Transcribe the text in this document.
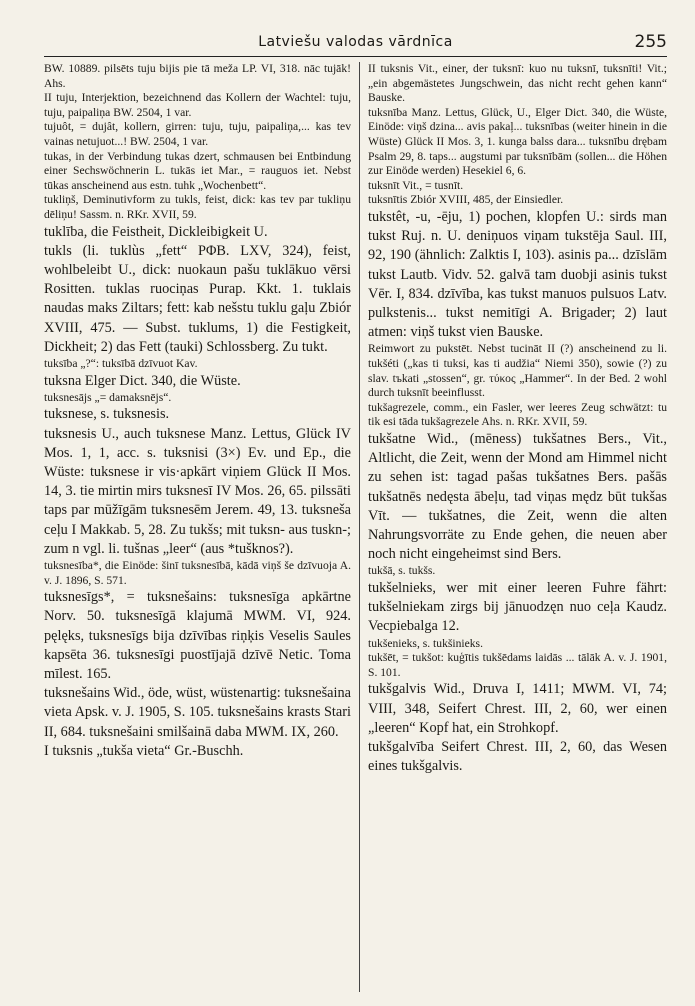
Latviešu valodas vārdnīca	255

BW. 10889. pilsēts tuju bijis pie tā meža LP. VI, 318. nāc tujāk! Ahs.

II tuju, Interjektion, bezeichnend das Kollern der Wachtel: tuju, tuju, paipaliņa BW. 2504, 1 var.

tujuôt, = dujât, kollern, girren: tuju, tuju, paipaliņa,... kas tev vainas netujuot...! BW. 2504, 1 var.

tukas, in der Verbindung tukas dzert, schmausen bei Entbindung einer Sechswöchnerin L. tukās iet Mar., = rauguos iet. Nebst tūkas anscheinend aus estn. tuhk „Wochenbett“.

tukliņš, Deminutivform zu tukls, feist, dick: kas tev par tukliņu dēliņu! Sassm. n. RKr. XVII, 59.

tuklība, die Feistheit, Dickleibigkeit U.

tukls (li. tuklùs „fett“ PΦB. LXV, 324), feist, wohlbeleibt U., dick: nuokaun pašu tuklākuo vērsi Rositten. tuklas ruociņas Purap. Kkt. 1. tuklais naudas maks Ziltars; fett: kab nešstu tuklu gaļu Zbiór XVIII, 475. — Subst. tuklums, 1) die Festigkeit, Dickheit; 2) das Fett (tauki) Schlossberg. Zu tukt.

tuksība „?“: tuksībā dzīvuot Kav.

tuksna Elger Dict. 340, die Wüste.

tuksnesājs „= damaksnējs“.

tuksnese, s. tuksnesis.

tuksnesis U., auch tuksnese Manz. Lettus, Glück IV Mos. 1, 1, acc. s. tuksnisi (3×) Ev. und Ep., die Wüste: tuksnese ir vis·apkārt viņiem Glück II Mos. 14, 3. tie mirtin mirs tuksnesī IV Mos. 26, 65. pilssāti taps par mūžīgām tuksnesēm Jerem. 49, 13. tuksneša ceļu I Makkab. 5, 28. Zu tukšs; mit tuksn- aus tuskn-; zum n vgl. li. tušnas „leer“ (aus *tušknos?).

tuksnesība*, die Einöde: šinī tuksnesībā, kādā viņš še dzīvuoja A. v. J. 1896, S. 571.

tuksnesīgs*, = tuksnešains: tuksnesīga apkārtne Norv. 50. tuksnesīgā klajumā MWM. VI, 924. pęlęks, tuksnesīgs bija dzīvības riņķis Veselis Saules kapsēta 36. tuksnesīgi puostījajā dzīvē Netic. Toma mīlest. 165.

tuksnešains Wid., öde, wüst, wüstenartig: tuksnešaina vieta Apsk. v. J. 1905, S. 105. tuksnešains krasts Stari II, 684. tuksnešaini smilšainā daba MWM. IX, 260.

I tuksnis „tukša vieta“ Gr.-Buschh.

II tuksnis Vit., einer, der tuksnī: kuo nu tuksnī, tuksnīti! Vit.; „ein abgemästetes Jungschwein, das nicht recht gehen kann“ Bauske.

tuksnība Manz. Lettus, Glück, U., Elger Dict. 340, die Wüste, Einöde: viņš dzina... avis pakaļ... tuksnības (weiter hinein in die Wüste) Glück II Mos. 3, 1. kunga balss dara... tuksnību drębam Psalm 29, 8. taps... augstumi par tuksnībām (sollen... die Höhen zur Einöde werden) Hesekiel 6, 6.

tuksnīt Vit., = tusnīt.

tuksnītis Zbiór XVIII, 485, der Einsiedler.

tukstêt, -u, -ēju, 1) pochen, klopfen U.: sirds man tukst Ruj. n. U. deniņuos viņam tukstēja Saul. III, 92, 190 (ähnlich: Zalktis I, 103). asinis pa... dzīslām tukst Lautb. Vidv. 52. galvā tam duobji asinis tukst Vēr. I, 834. dzīvība, kas tukst manuos pulsuos Latv. pulkstenis... tukst nemitīgi A. Brigader; 2) laut atmen: viņš tukst vien Bauske.

Reimwort zu pukstēt. Nebst tucināt II (?) anscheinend zu li. tukšéti („kas ti tuksi, kas ti audžia“ Niemi 350), sowie (?) zu slav. tъkati „stossen“, gr. τύκος „Hammer“. In der Bed. 2 wohl durch tuksnīt beeinflusst.

tukšagrezele, comm., ein Fasler, wer leeres Zeug schwätzt: tu tik esi tāda tukšagrezele Ahs. n. RKr. XVII, 59.

tukšatne Wid., (mēness) tukšatnes Bers., Vit., Altlicht, die Zeit, wenn der Mond am Himmel nicht zu sehen ist: tagad pašas tukšatnes Bers. pašās tukšatnēs nedęsta ābeļu, tad viņas mędz būt tukšas Vīt. — tukšatnes, die Zeit, wenn die alten Nahrungsvorräte zu Ende gehen, die neuen aber noch nicht eingeheimst sind Bers.

tukšā, s. tukšs.

tukšelnieks, wer mit einer leeren Fuhre fährt: tukšelniekam zirgs bij jānuodzęn nuo ceļa Kaudz. Vecpiebalga 12.

tukšenieks, s. tukšinieks.

tukšēt, = tukšot: kuģītis tukšēdams laidās ... tālāk A. v. J. 1901, S. 101.

tukšgalvis Wid., Druva I, 1411; MWM. VI, 74; VIII, 348, Seifert Chrest. III, 2, 60, wer einen „leeren“ Kopf hat, ein Strohkopf.

tukšgalvība Seifert Chrest. III, 2, 60, das Wesen eines tukšgalvis.
